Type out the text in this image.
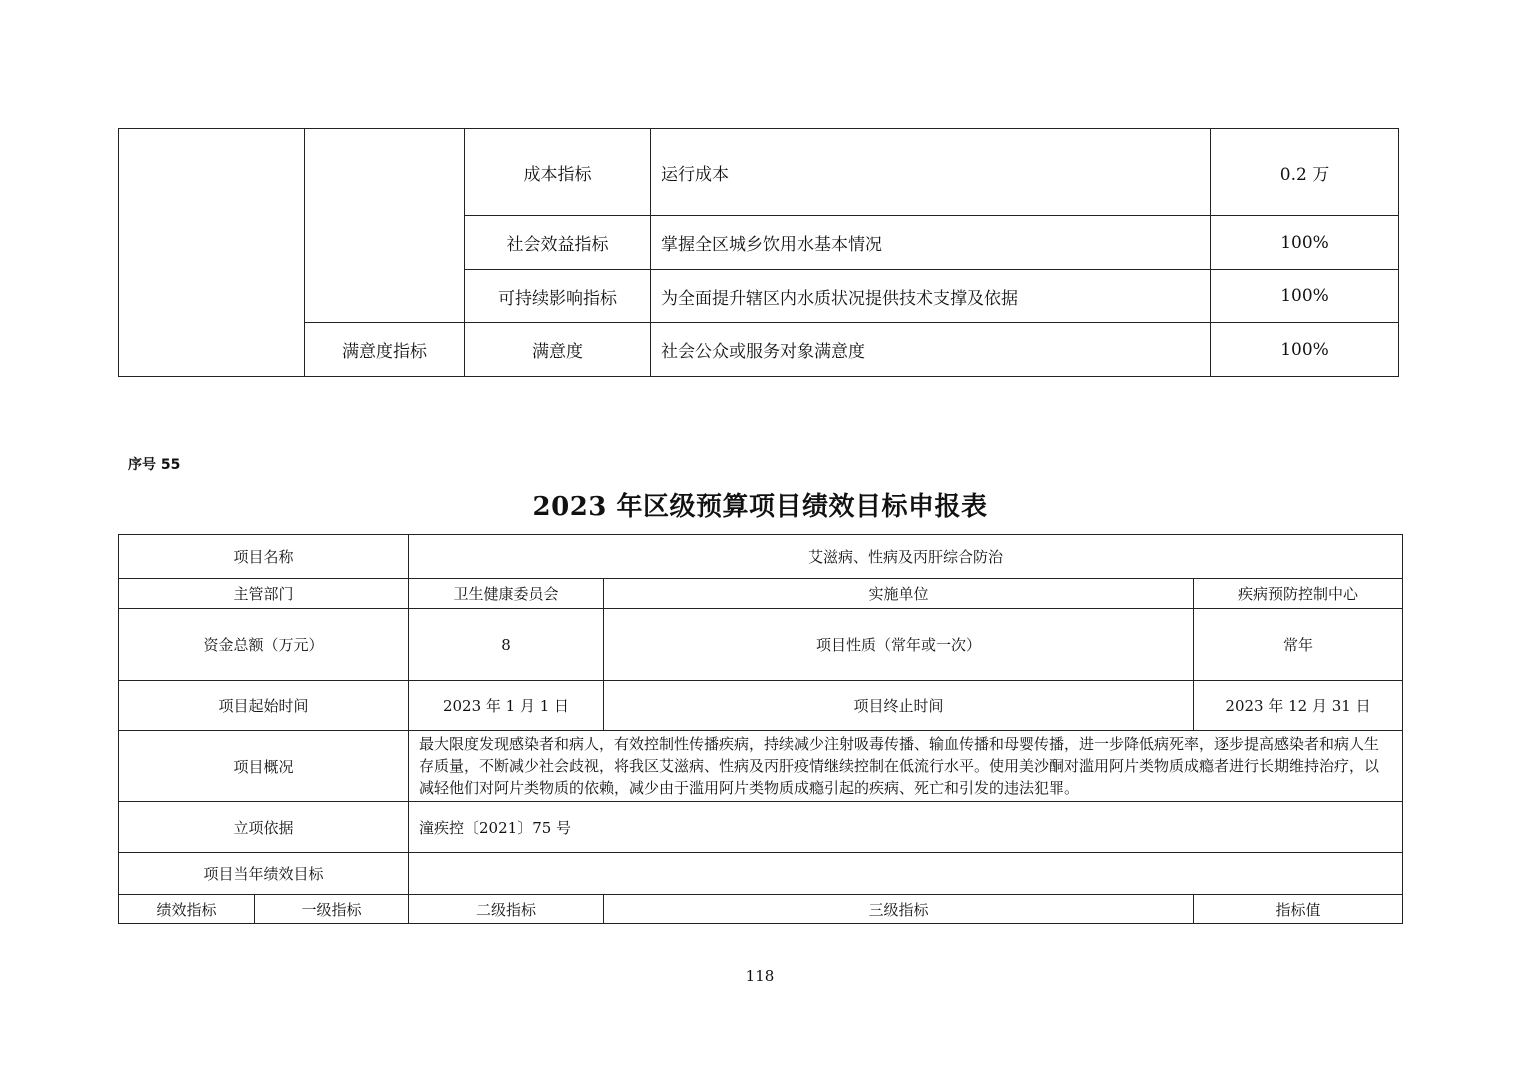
		成本指标	运行成本	0.2 万
		社会效益指标	掌握全区城乡饮用水基本情况	100%
		可持续影响指标	为全面提升辖区内水质状况提供技术支撑及依据	100%
	满意度指标	满意度	社会公众或服务对象满意度	100%
序号 55
2023 年区级预算项目绩效目标申报表
项目名称		艾滋病、性病及丙肝综合防治		
主管部门		卫生健康委员会	实施单位	疾病预防控制中心
资金总额（万元）		8	项目性质（常年或一次）	常年
项目起始时间		2023 年 1 月 1 日	项目终止时间	2023 年 12 月 31 日
项目概况		最大限度发现感染者和病人，有效控制性传播疾病，持续减少注射吸毒传播、输血传播和母婴传播，进一步降低病死率，逐步提高感染者和病人生存质量，不断减少社会歧视，将我区艾滋病、性病及丙肝疫情继续控制在低流行水平。使用美沙酮对滥用阿片类物质成瘾者进行长期维持治疗，以减轻他们对阿片类物质的依赖，减少由于滥用阿片类物质成瘾引起的疾病、死亡和引发的违法犯罪。		
立项依据		潼疾控〔2021〕75 号		
项目当年绩效目标				
绩效指标	一级指标	二级指标	三级指标	指标值
118
